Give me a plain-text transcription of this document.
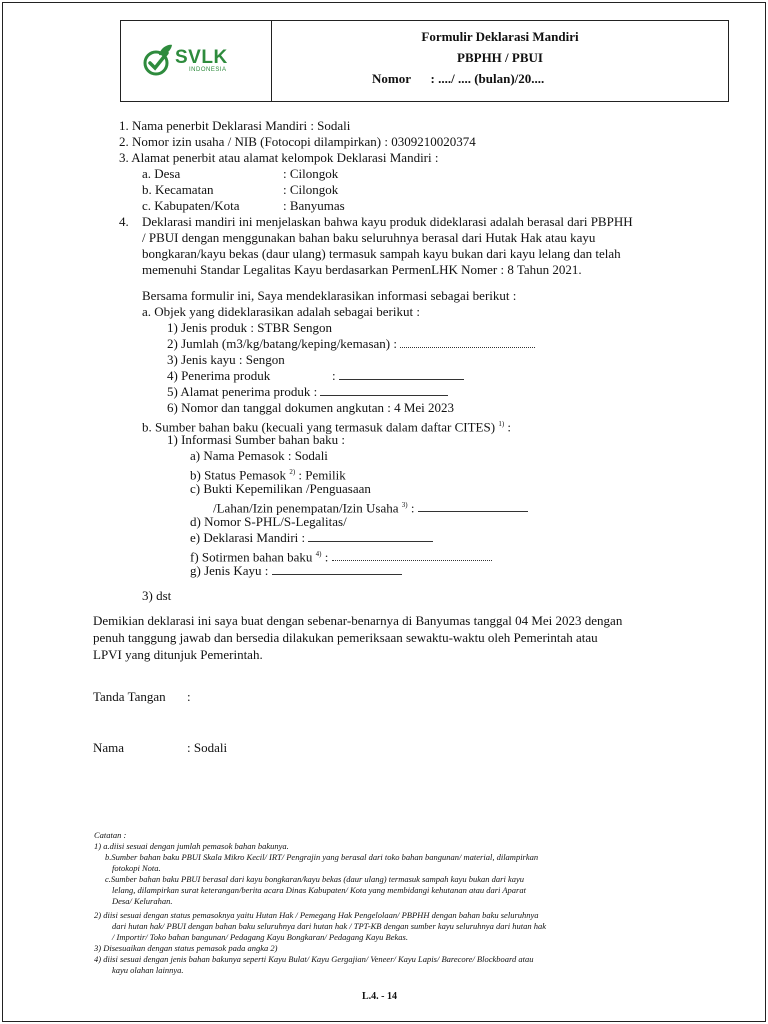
SVLK
INDONESIA
Formulir Deklarasi Mandiri
PBPHH / PBUI
Nomor : ..../ .... (bulan)/20....
1. Nama penerbit Deklarasi Mandiri : Sodali
2. Nomor izin usaha / NIB (Fotocopi dilampirkan) : 0309210020374
3. Alamat penerbit atau alamat kelompok Deklarasi Mandiri :
a. Desa	: Cilongok
b. Kecamatan	: Cilongok
c. Kabupaten/Kota	: Banyumas
4. Deklarasi mandiri ini menjelaskan bahwa kayu produk dideklarasi adalah berasal dari PBPHH
/ PBUI dengan menggunakan bahan baku seluruhnya berasal dari Hutak Hak atau kayu
bongkaran/kayu bekas (daur ulang) termasuk sampah kayu bukan dari kayu lelang dan telah
memenuhi Standar Legalitas Kayu berdasarkan PermenLHK Nomer : 8 Tahun 2021.
Bersama formulir ini, Saya mendeklarasikan informasi sebagai berikut :
a. Objek yang dideklarasikan adalah sebagai berikut :
1) Jenis produk : STBR Sengon
2) Jumlah (m3/kg/batang/keping/kemasan) :
3) Jenis kayu : Sengon
4) Penerima produk	:
5) Alamat penerima produk :
6) Nomor dan tanggal dokumen angkutan : 4 Mei 2023
b. Sumber bahan baku (kecuali yang termasuk dalam daftar CITES) $^{1)}$ :
1) Informasi Sumber bahan baku :
a) Nama Pemasok : Sodali
b) Status Pemasok $^{2)}$ : Pemilik
c) Bukti Kepemilikan /Penguasaan
/Lahan/Izin penempatan/Izin Usaha $^{3)}$ :
d) Nomor S-PHL/S-Legalitas/
e) Deklarasi Mandiri :
f) Sotirmen bahan baku $^{4)}$ :
g) Jenis Kayu :
3) dst
Demikian deklarasi ini saya buat dengan sebenar-benarnya di Banyumas tanggal 04 Mei 2023 dengan
penuh tanggung jawab dan bersedia dilakukan pemeriksaan sewaktu-waktu oleh Pemerintah atau
LPVI yang ditunjuk Pemerintah.
Tanda Tangan :
Nama	: Sodali
Catatan :
1) a.diisi sesuai dengan jumlah pemasok bahan bakunya.
b.Sumber bahan baku PBUI Skala Mikro Kecil/ IRT/ Pengrajin yang berasal dari toko bahan bangunan/ material, dilampirkan
fotokopi Nota.
c.Sumber bahan baku PBUI berasal dari kayu bongkaran/kayu bekas (daur ulang) termasuk sampah kayu bukan dari kayu
lelang, dilampirkan surat keterangan/berita acara Dinas Kabupaten/ Kota yang membidangi kehutanan atau dari Aparat
Desa/ Kelurahan.
2) diisi sesuai dengan status pemasoknya yaitu Hutan Hak / Pemegang Hak Pengelolaan/ PBPHH dengan bahan baku seluruhnya
dari hutan hak/ PBUI dengan bahan baku seluruhnya dari hutan hak / TPT-KB dengan sumber kayu seluruhnya dari hutan hak
/ Importir/ Toko bahan bangunan/ Pedagang Kayu Bongkaran/ Pedagang Kayu Bekas.
3) Disesuaikan dengan status pemasok pada angka 2)
4) diisi sesuai dengan jenis bahan bakunya seperti Kayu Bulat/ Kayu Gergajian/ Veneer/ Kayu Lapis/ Barecore/ Blockboard atau
kayu olahan lainnya.
L.4. - 14
